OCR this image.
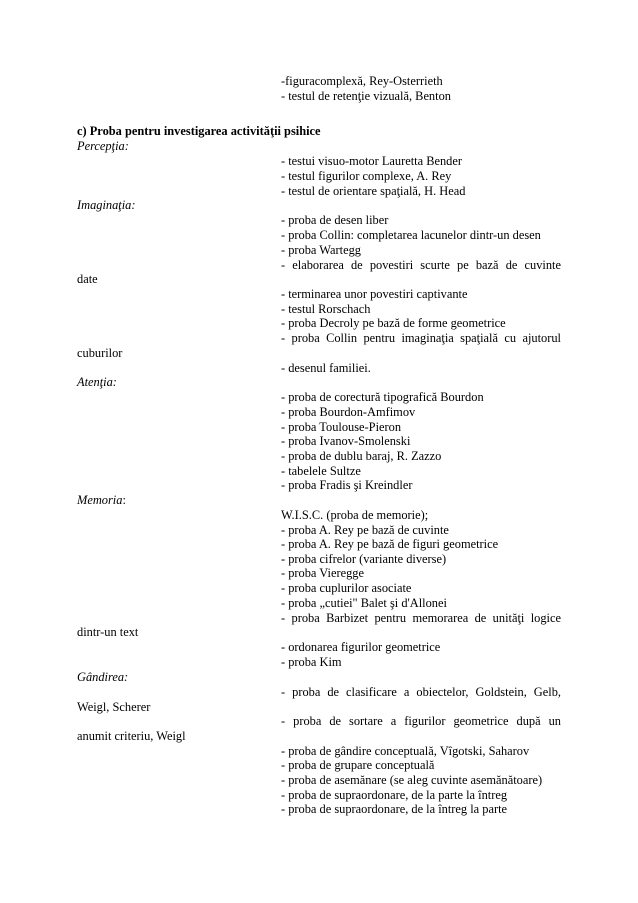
-figuracomplexă, Rey-Osterrieth
- testul de retenţie vizuală, Benton
c) Proba pentru investigarea activităţii psihice
Percepţia:
- testui visuo-motor Lauretta Bender
- testul figurilor complexe, A. Rey
- testul de orientare spaţială, H. Head
Imaginaţia:
- proba de desen liber
- proba Collin: completarea lacunelor dintr-un desen
- proba Wartegg
- elaborarea de povestiri scurte pe bază de cuvinte
date
- terminarea unor povestiri captivante
- testul Rorschach
- proba Decroly pe bază de forme geometrice
- proba Collin pentru imaginaţia spaţială cu ajutorul
cuburilor
- desenul familiei.
Atenţia:
- proba de corectură tipografică Bourdon
- proba Bourdon-Amfimov
- proba Toulouse-Pieron
- proba Ivanov-Smolenski
- proba de dublu baraj, R. Zazzo
- tabelele Sultze
- proba Fradis şi Kreindler
Memoria:
W.I.S.C. (proba de memorie);
- proba A. Rey pe bază de cuvinte
- proba A. Rey pe bază de figuri geometrice
- proba cifrelor (variante diverse)
- proba Vieregge
- proba cuplurilor asociate
- proba „cutiei" Balet şi d'Allonei
- proba Barbizet pentru memorarea de unităţi logice
dintr-un text
- ordonarea figurilor geometrice
- proba Kim
Gândirea:
- proba de clasificare a obiectelor, Goldstein, Gelb,
Weigl, Scherer
- proba de sortare a figurilor geometrice după un
anumit criteriu, Weigl
- proba de gândire conceptuală, Vîgotski, Saharov
- proba de grupare conceptuală
- proba de asemănare (se aleg cuvinte asemănătoare)
- proba de supraordonare, de la parte la întreg
- proba de supraordonare, de la întreg la parte
